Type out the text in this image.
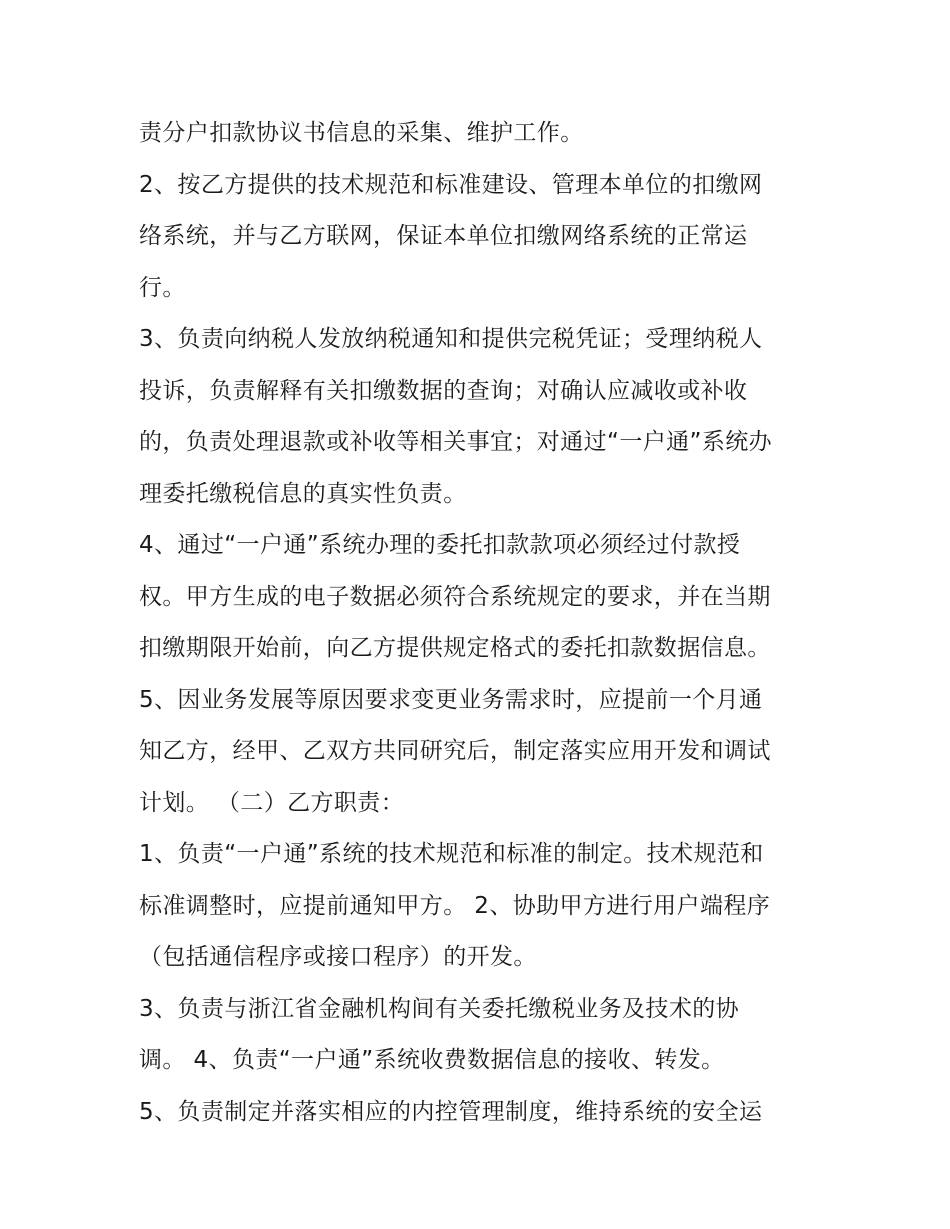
责分户扣款协议书信息的采集、维护工作。
2、按乙方提供的技术规范和标准建设、管理本单位的扣缴网
络系统，并与乙方联网，保证本单位扣缴网络系统的正常运
行。
3、负责向纳税人发放纳税通知和提供完税凭证；受理纳税人
投诉，负责解释有关扣缴数据的查询；对确认应减收或补收
的，负责处理退款或补收等相关事宜；对通过“一户通”系统办
理委托缴税信息的真实性负责。
4、通过“一户通”系统办理的委托扣款款项必须经过付款授
权。甲方生成的电子数据必须符合系统规定的要求，并在当期
扣缴期限开始前，向乙方提供规定格式的委托扣款数据信息。
5、因业务发展等原因要求变更业务需求时，应提前一个月通
知乙方，经甲、乙双方共同研究后，制定落实应用开发和调试
计划。 （二）乙方职责：
1、负责“一户通”系统的技术规范和标准的制定。技术规范和
标准调整时，应提前通知甲方。 2、协助甲方进行用户端程序
（包括通信程序或接口程序）的开发。
3、负责与浙江省金融机构间有关委托缴税业务及技术的协
调。 4、负责“一户通”系统收费数据信息的接收、转发。
5、负责制定并落实相应的内控管理制度，维持系统的安全运
